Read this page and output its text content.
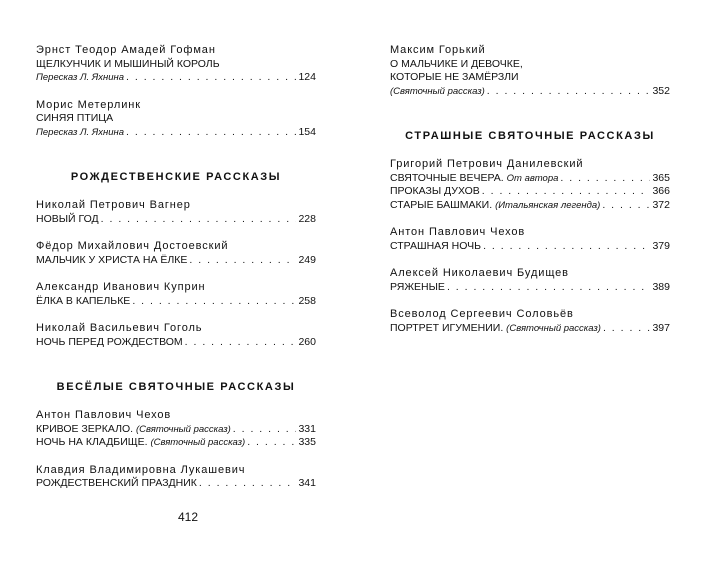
Эрнст Теодор Амадей Гофман
ЩЕЛКУНЧИК И МЫШИНЫЙ КОРОЛЬ
Пересказ Л. Яхнина . . .	124
Морис Метерлинк
СИНЯЯ ПТИЦА
Пересказ Л. Яхнина . . .	154
РОЖДЕСТВЕНСКИЕ РАССКАЗЫ
Николай Петрович Вагнер
НОВЫЙ ГОД . . .	228
Фёдор Михайлович Достоевский
МАЛЬЧИК У ХРИСТА НА ЁЛКЕ . . .	249
Александр Иванович Куприн
ЁЛКА В КАПЕЛЬКЕ . . .	258
Николай Васильевич Гоголь
НОЧЬ ПЕРЕД РОЖДЕСТВОМ . . .	260
ВЕСЁЛЫЕ СВЯТОЧНЫЕ РАССКАЗЫ
Антон Павлович Чехов
КРИВОЕ ЗЕРКАЛО. (Святочный рассказ) . . .	331
НОЧЬ НА КЛАДБИЩЕ. (Святочный рассказ) . . .	335
Клавдия Владимировна Лукашевич
РОЖДЕСТВЕНСКИЙ ПРАЗДНИК . . .	341
Максим Горький
О МАЛЬЧИКЕ И ДЕВОЧКЕ,
КОТОРЫЕ НЕ ЗАМЁРЗЛИ
(Святочный рассказ) . . .	352
СТРАШНЫЕ СВЯТОЧНЫЕ РАССКАЗЫ
Григорий Петрович Данилевский
СВЯТОЧНЫЕ ВЕЧЕРА. От автора . . .	365
ПРОКАЗЫ ДУХОВ . . .	366
СТАРЫЕ БАШМАКИ. (Итальянская легенда) . . .	372
Антон Павлович Чехов
СТРАШНАЯ НОЧЬ . . .	379
Алексей Николаевич Будищев
РЯЖЕНЫЕ . . .	389
Всеволод Сергеевич Соловьёв
ПОРТРЕТ ИГУМЕНИИ. (Святочный рассказ) . . .	397
412
